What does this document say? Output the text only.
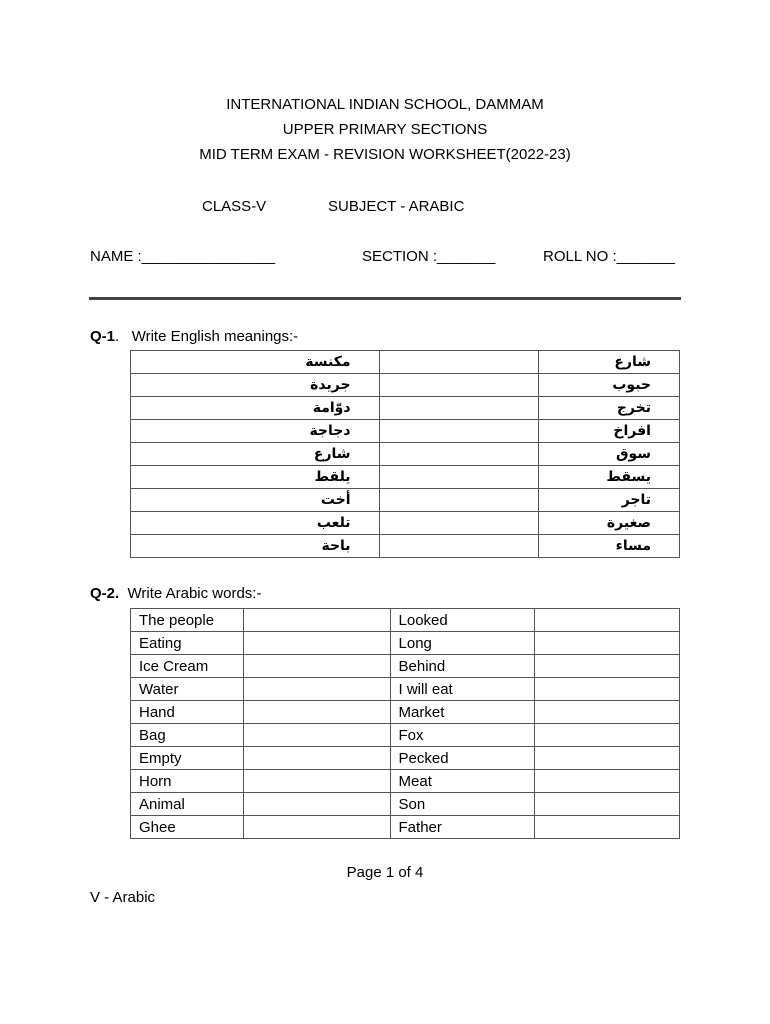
INTERNATIONAL INDIAN SCHOOL, DAMMAM
UPPER PRIMARY SECTIONS
MID TERM EXAM - REVISION WORKSHEET(2022-23)
CLASS-V	SUBJECT - ARABIC
NAME :________________	SECTION :_______	ROLL NO :_______
Q-1. Write English meanings:-
مكنسة		شارع
جريدة		حبوب
دوّامة		تخرج
دجاجة		افراخ
شارع		سوق
يلقط		يسقط
أخت		تاجر
تلعب		صغيرة
باحة		مساء
Q-2. Write Arabic words:-
The people		Looked	
Eating		Long	
Ice Cream		Behind	
Water		I will eat	
Hand		Market	
Bag		Fox	
Empty		Pecked	
Horn		Meat	
Animal		Son	
Ghee		Father	
Page 1 of 4
V - Arabic
